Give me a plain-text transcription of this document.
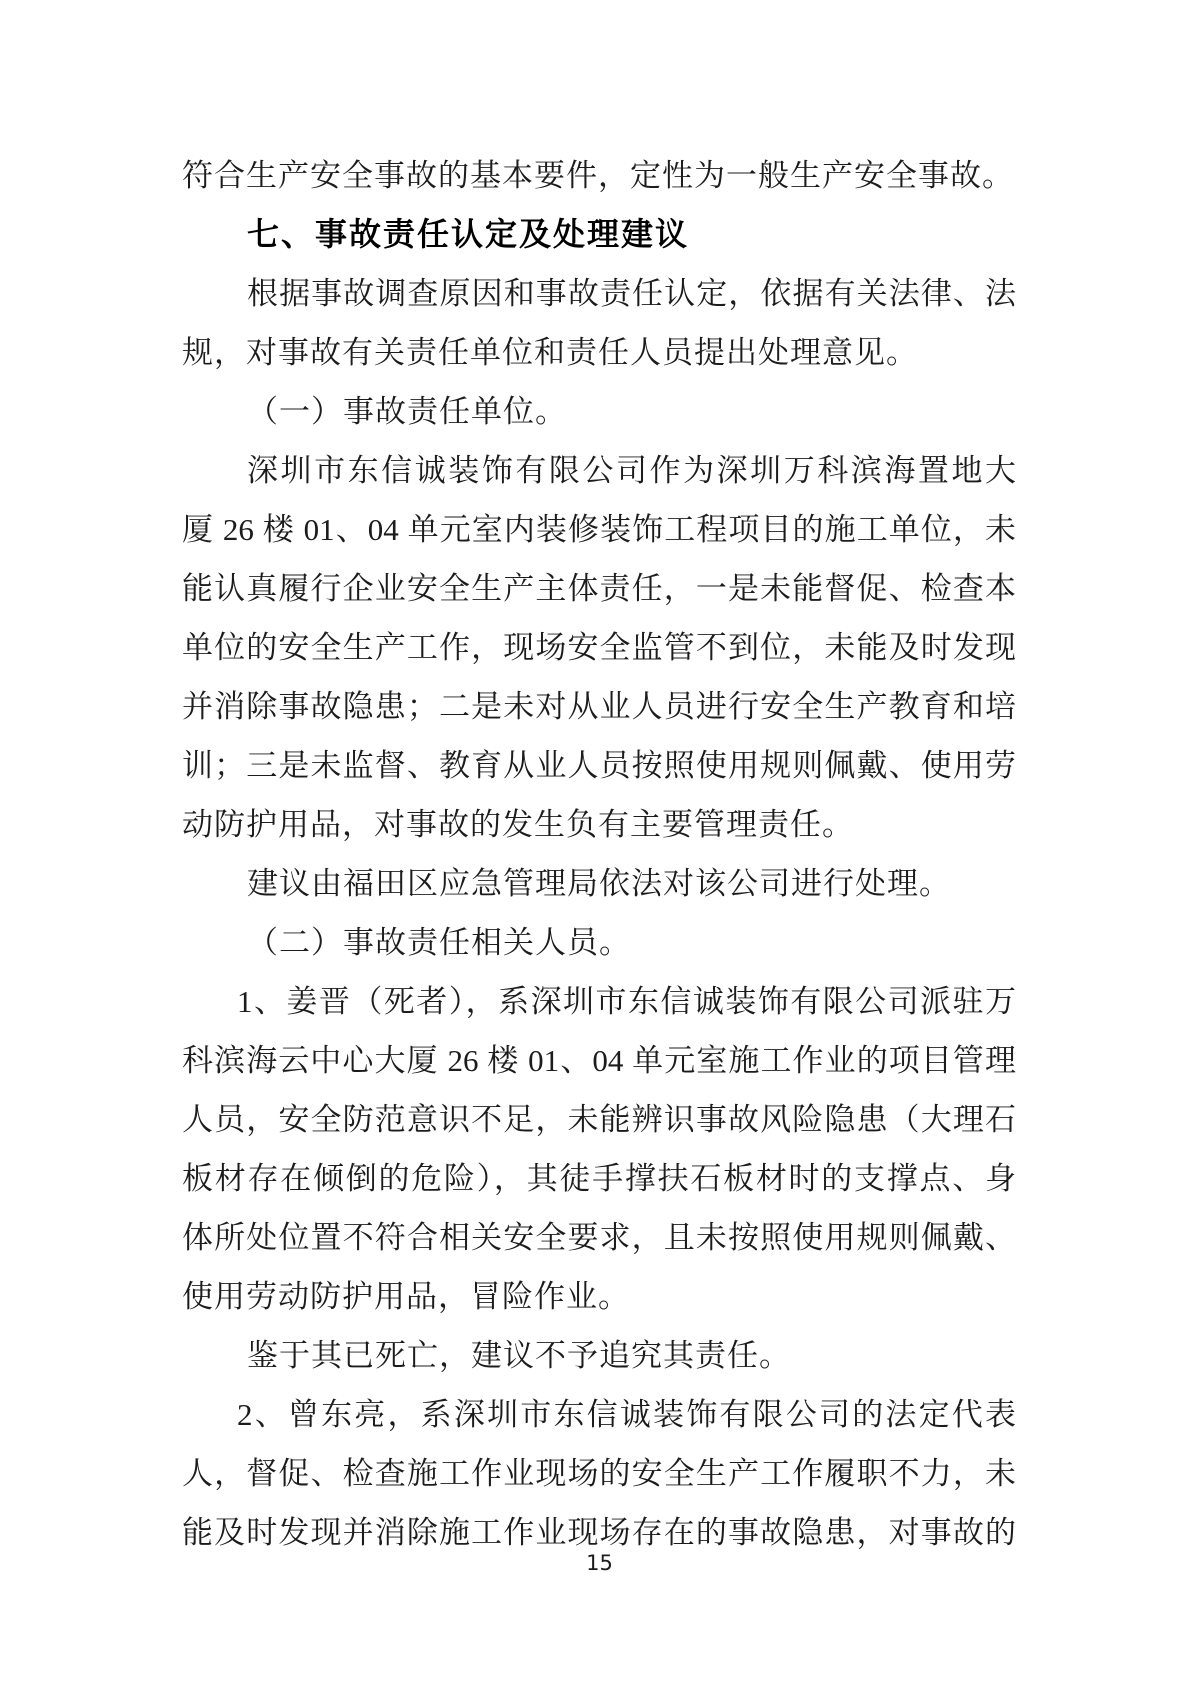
符合生产安全事故的基本要件，定性为一般生产安全事故。
七、事故责任认定及处理建议
根据事故调查原因和事故责任认定，依据有关法律、法
规，对事故有关责任单位和责任人员提出处理意见。
（一）事故责任单位。
深圳市东信诚装饰有限公司作为深圳万科滨海置地大
厦 26 楼 01、04 单元室内装修装饰工程项目的施工单位，未
能认真履行企业安全生产主体责任，一是未能督促、检查本
单位的安全生产工作，现场安全监管不到位，未能及时发现
并消除事故隐患；二是未对从业人员进行安全生产教育和培
训；三是未监督、教育从业人员按照使用规则佩戴、使用劳
动防护用品，对事故的发生负有主要管理责任。
建议由福田区应急管理局依法对该公司进行处理。
（二）事故责任相关人员。
1、姜晋（死者），系深圳市东信诚装饰有限公司派驻万
科滨海云中心大厦 26 楼 01、04 单元室施工作业的项目管理
人员，安全防范意识不足，未能辨识事故风险隐患（大理石
板材存在倾倒的危险），其徒手撑扶石板材时的支撑点、身
体所处位置不符合相关安全要求，且未按照使用规则佩戴、
使用劳动防护用品，冒险作业。
鉴于其已死亡，建议不予追究其责任。
2、曾东亮，系深圳市东信诚装饰有限公司的法定代表
人，督促、检查施工作业现场的安全生产工作履职不力，未
能及时发现并消除施工作业现场存在的事故隐患，对事故的
15
